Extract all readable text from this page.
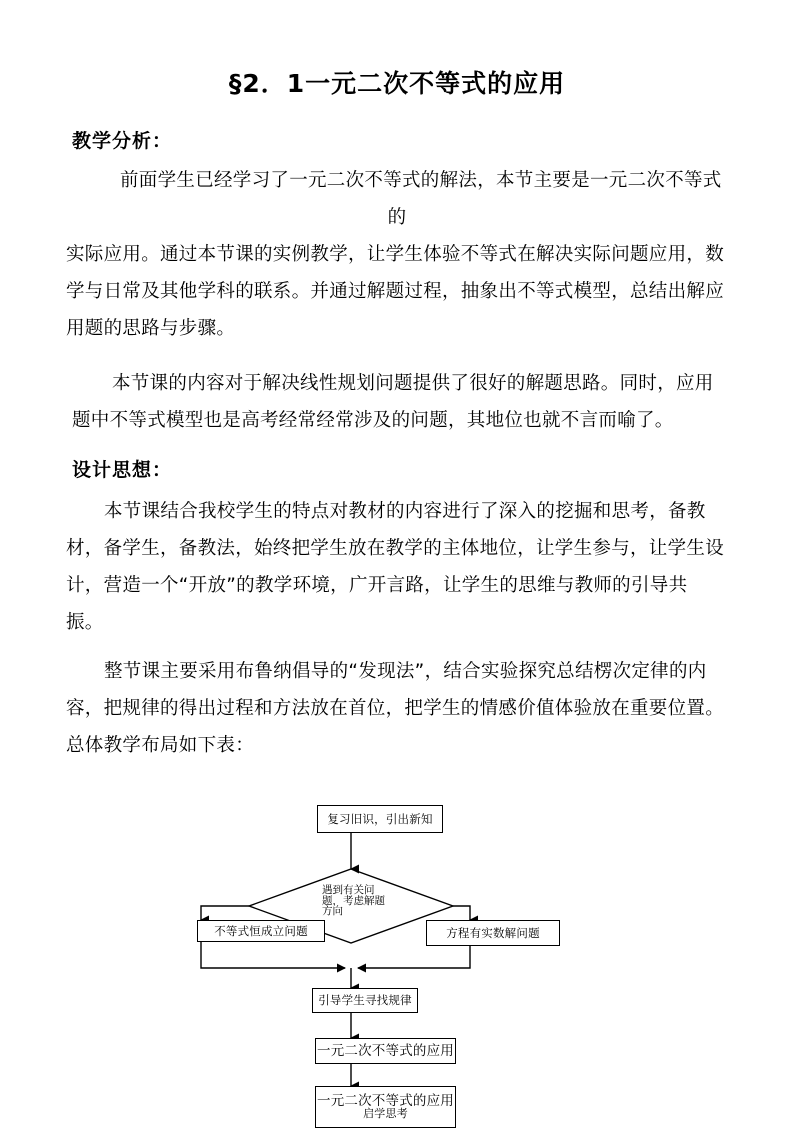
§2．1一元二次不等式的应用
教学分析：
前面学生已经学习了一元二次不等式的解法，本节主要是一元二次不等式
的
实际应用。通过本节课的实例教学，让学生体验不等式在解决实际问题应用，数
学与日常及其他学科的联系。并通过解题过程，抽象出不等式模型，总结出解应
用题的思路与步骤。
本节课的内容对于解决线性规划问题提供了很好的解题思路。同时，应用
题中不等式模型也是高考经常经常涉及的问题，其地位也就不言而喻了。
设计思想：
本节课结合我校学生的特点对教材的内容进行了深入的挖掘和思考，备教
材，备学生，备教法，始终把学生放在教学的主体地位，让学生参与，让学生设
计，营造一个“开放”的教学环境，广开言路，让学生的思维与教师的引导共
振。
整节课主要采用布鲁纳倡导的“发现法”，结合实验探究总结楞次定律的内
容，把规律的得出过程和方法放在首位，把学生的情感价值体验放在重要位置。
总体教学布局如下表：
复习旧识，引出新知
遇到有关问
题，考虑解题
方向
不等式恒成立问题	方程有实数解问题
引导学生寻找规律
一元二次不等式的应用
一元二次不等式的应用
启学思考
